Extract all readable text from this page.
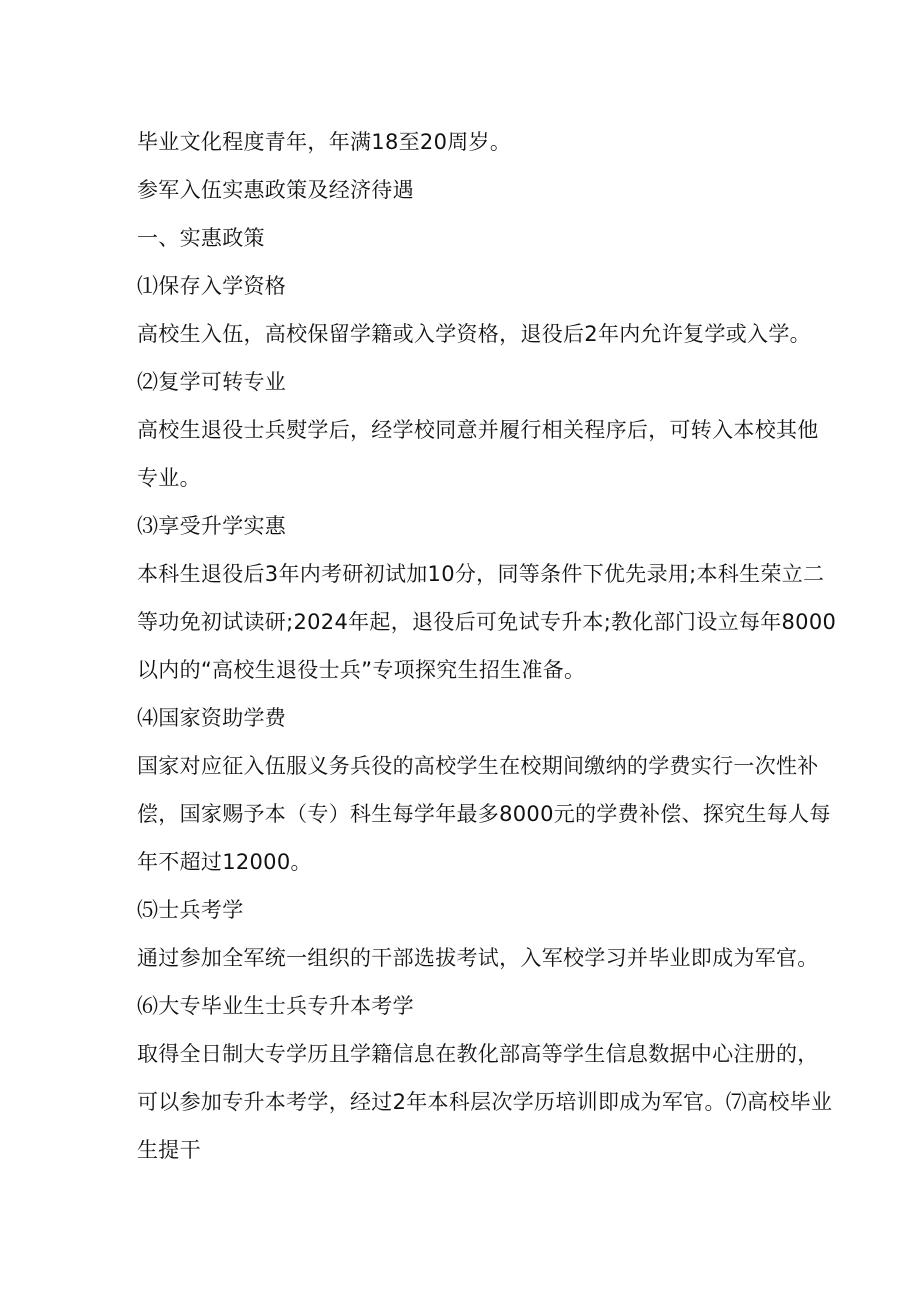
毕业文化程度青年，年满18至20周岁。
参军入伍实惠政策及经济待遇
一、实惠政策
⑴保存入学资格
高校生入伍，高校保留学籍或入学资格，退役后2年内允许复学或入学。
⑵复学可转专业
高校生退役士兵熨学后，经学校同意并履行相关程序后，可转入本校其他
专业。
⑶享受升学实惠
本科生退役后3年内考研初试加10分，同等条件下优先录用;本科生荣立二
等功免初试读研;2024年起，退役后可免试专升本;教化部门设立每年8000
以内的“高校生退役士兵”专项探究生招生准备。
⑷国家资助学费
国家对应征入伍服义务兵役的高校学生在校期间缴纳的学费实行一次性补
偿，国家赐予本（专）科生每学年最多8000元的学费补偿、探究生每人每
年不超过12000。
⑸士兵考学
通过参加全军统一组织的干部选拔考试，入军校学习并毕业即成为军官。
⑹大专毕业生士兵专升本考学
取得全日制大专学历且学籍信息在教化部高等学生信息数据中心注册的，
可以参加专升本考学，经过2年本科层次学历培训即成为军官。⑺高校毕业
生提干
